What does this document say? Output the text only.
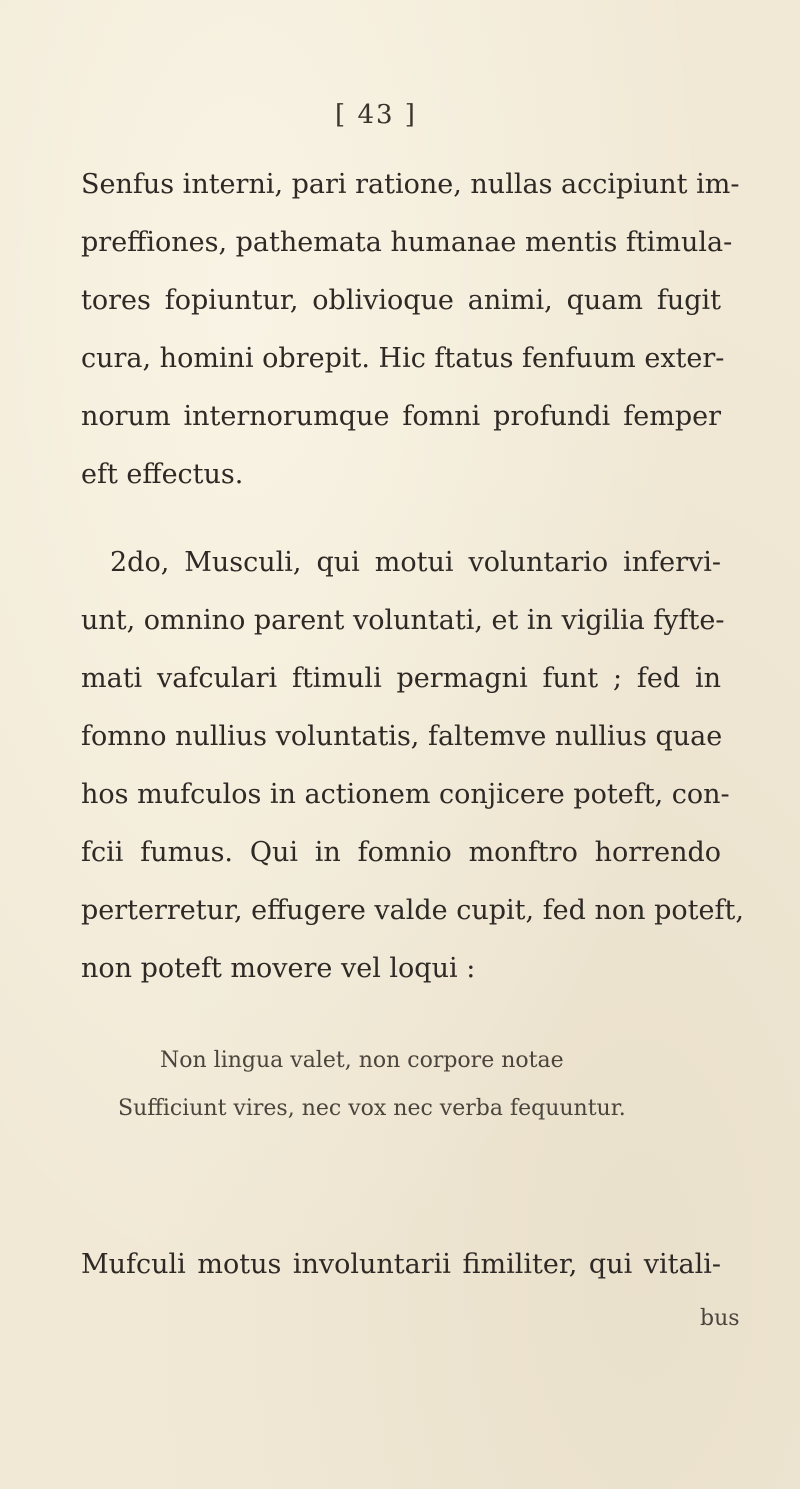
[ 43 ]
Senfus interni, pari ratione, nullas accipiunt im-
preffiones, pathemata humanae mentis ftimula-
tores fopiuntur, oblivioque animi, quam fugit
cura, homini obrepit. Hic ftatus fenfuum exter-
norum internorumque fomni profundi femper
eft effectus.
2do, Musculi, qui motui voluntario infervi-
unt, omnino parent voluntati, et in vigilia fyfte-
mati vafculari ftimuli permagni funt ; fed in
fomno nullius voluntatis, faltemve nullius quae
hos mufculos in actionem conjicere poteft, con-
fcii fumus. Qui in fomnio monftro horrendo
perterretur, effugere valde cupit, fed non poteft,
non poteft movere vel loqui :
Non lingua valet, non corpore notae
Sufficiunt vires, nec vox nec verba fequuntur.
Mufculi motus involuntarii fimiliter, qui vitali-
bus
